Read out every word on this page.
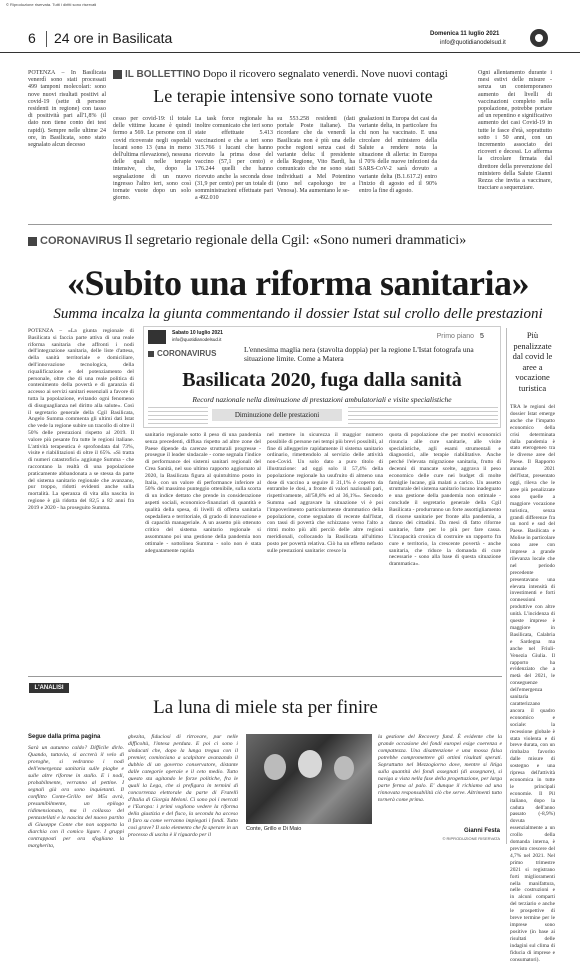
© Riproduzione riservata. Tutti i diritti sono riservati
6 24 ore in Basilicata	Domenica 11 luglio 2021
info@quotidianodelsud.it
POTENZA – In Basilicata venerdì sono stati processati 499 tamponi molecolari: sono nove nuovi risultati positivi al covid-19 (sette di persone residenti in regione) con tasso di positività pari all'1,8% (il dato non tiene conto dei test rapidi). Sempre nelle ultime 24 ore, in Basilicata, sono stato segnalato alcun decesso
IL BOLLETTINO Dopo il ricovero segnalato venerdì. Nove nuovi contagi
Le terapie intensive sono tornate vuote
cesso per covid-19: il totale delle vittime lucane è quindi fermo a 569. Le persone con il covid ricoverate negli ospedali lucani sono 13 (una in meno dell'ultima rilevazione), nessuna delle quali nelle terapie intensive, che, dopo la segnalazione di un nuovo ingresso l'altro ieri, sono così tornate vuote dopo un solo giorno.
La task force regionale ha inoltre comunicato che ieri sono state effettuate 5.413 vaccinazioni e che a ieri sono 315.766 i lucani che hanno ricevuto la prima dose del vaccino (57,1 per cento) e 176.244 quelli che hanno ricevuto anche la seconda dose (31,9 per cento) per un totale di somministrazioni effettuate pari a 492.010
su 553.258 residenti (dati portale Poste italiane). Da ricordare che da venerdì la Basilicata non è più una delle poche regioni senza casi di variante delta: il presidente della Regione, Vito Bardi, ha comunicato che ne sono stati individuati a Mel Potentino (uno nel capoluogo tre a Venosa). Ma aumentano le se-
gnalazioni in Europa dei casi da variante delta, in particolare fra chi non ha vaccinato. E una circolare del ministero della Salute a rendere nota la situazione di allerta: in Europa il 70% delle nuove infezioni da SARS-CoV-2 sarà dovuto a variante delta (B.1.617.2) entro l'inizio di agosto ed il 90% entro la fine di agosto.
Ogni allentamento durante i mesi estivi delle misure - senza un contemporaneo aumento dei livelli di vaccinazioni completo nella popolazione, potrebbe portare ad un repentino e significativo aumento dei casi Covid-19 in tutte le fasce d'età, soprattutto sotto i 50 anni, con un incremento associato dei ricoveri e decessi. Lo afferma la circolare firmata dal direttore della prevenzione del ministero della Salute Gianni Rezza che invita a vaccinare, tracciare a sequenziare.
CORONAVIRUS Il segretario regionale della Cgil: «Sono numeri drammatici»
«Subito una riforma sanitaria»
Summa incalza la giunta commentando il dossier Istat sul crollo delle prestazioni
POTENZA – «La giunta regionale di Basilicata si faccia parte attiva di una reale riforma sanitaria che affronti i nodi dell'integrazione sanitaria, delle liste d'attesa, della sanità territoriale e domiciliare, dell'innovazione tecnologica, della riqualificazione e del potenziamento del personale, oltre che di una reale politica di contenimento della povertà e di garanzia di accesso ai servizi sanitari essenziali a favore di tutta la popolazione, evitando ogni fenomeno di disuguaglianza nel diritto alla salute». Così il segretario generale della Cgil Basilicata, Angelo Summa commenta gli ultimi dati Istat che vede la regione subire un tracollo di oltre il 50% delle prestazioni rispetto al 2019. Il valore più pesante fra tutte le regioni italiane. L'attività terapeutica è sprofondata dal 73%, visite e riabilitazioni di oltre il 65%. «Si tratta di numeri catastrofici» aggiunge Summa - che raccontano la realtà di una popolazione praticamente abbandonata a se stessa da parte del sistema sanitario regionale che avanzano, pur troppo, ridotti evidenti anche sulla mortalità. La speranza di vita alla nascita in regione è già ridotta del 82,5 a 82 anni fra 2019 e 2020 - ha proseguito Summa.
Sabato 10 luglio 2021
info@quotidianodelsud.it	Primo piano 5
CORONAVIRUS	L'ennesima maglia nera (stavolta doppia) per la regione L'Istat fotografa una situazione limite. Come a Matera
Basilicata 2020, fuga dalla sanità
Record nazionale nella diminuzione di prestazioni ambulatoriali e visite specialistiche
Diminuzione delle prestazioni
sanitario regionale sotto il peso di una pandemia senza precedenti, diffusa rispetto ad altre zone del Paese dipende da carenze strutturali progresse - prosegue il leader sindacale - come segnala l'indice di performance dei sistemi sanitari regionali del Crea Sanità, nel suo ultimo rapporto aggiornato al 2020, la Basilicata figura al quintultimo posto in Italia, con un valore di performance inferiore al 50% del massimo punteggio ottenibile, sulla scorta di un indice dettato che prende in considerazione aspetti sociali, economico-finanziari di quantità e qualità della spesa, di livelli di offerta sanitaria ospedaliera e territoriale, di grado di innovazione e di capacità manageriale. A un assetto più ottenuto critico del sistema sanitario regionale si assommano poi una gestione della pandemia non ottimale - sottolinea Summa - solo non è stata adeguatamente rapida
nel mettere in sicurezza il maggior numero possibile di persone nei tempi più brevi possibili, al fine di alleggerire rapidamente il sistema sanitario ordinario, rimettendolo al servizio delle attività non-Covid. Un solo dato a puro titolo di illustrazione: ad oggi solo il 57,4% della popolazione regionale ha usufruito di almeno una dose di vaccino a seguire il 31,1% è coperto da entrambe le dosi, a fronte di valori nazionali pari, rispettivamente, all'58,8% ed al 36,1%». Secondo Summa «ad aggravare la situazione vi è poi l'impoverimento particolarmente drammatico della popolazione, come segnalato di recente dall'Istat, con tassi di povertà che schizzano verso l'alto a ritmi molto più alti perciò delle altre regioni meridionali, collocando la Basilicata all'ultimo posto per povertà relativa. Ciò ha un effetto nefasto sulle prestazioni sanitarie: cresce la
quota di popolazione che per motivi economici rinuncia alle cure sanitarie, alle visite specialistiche, agli esami strumentali e diagnostici, alle terapie riabilitative. Anche perché l'elevata migrazione sanitaria, frutto di decenni di mancate scelte, aggrava il peso economico delle cure nei budget di molte famiglie lucane, già malati a carico. Un assetto strutturale del sistema sanitario lucano inadeguato e una gestione della pandemia non ottimale - conclude il segretario generale della Cgil Basilicata - produrranno un forte assottigliamento di risorse sanitarie per fronte alla pandemia, a danno dei cittadini. Da mesi di fatto riforme sanitarie, fatte per lo più per fare cassa. L'incapacità cronica di costruire un rapporto fra cure e territorio, la crescente povertà - anche sanitaria, che riduce la domanda di cure necessarie - sono alla base di questa situazione drammatica».
Più penalizzate dal covid le aree a vocazione turistica
TRA le regioni del dossier Istat emerge anche che l'impatto economico della crisi determinata dalla pandemia è stato eterogeneo tra le diverse aree del Paese. Il Rapporto annuale 2021 dell'Istat, presentato oggi, rileva che le aree più penalizzate sono quelle a maggiore vocazione turistica, senza grandi differenze fra un nord e sud del Paese. Basilicata e Molise in particolare sono aree con imprese a grande rilevanza locale che nel periodo precedente presentavano una elevata intensità di investimenti e forti connessioni produttive con altre unità. L'incidenza di queste imprese è maggiore in Basilicata, Calabria e Sardegna ma anche nel Friuli-Venezia Giulia. Il rapporto ha evidenziato che a metà del 2021, le conseguenze dell'emergenza sanitaria caratterizzano ancora il quadro economico e sociale: la recessione globale è stata violenta e di breve durata, con un rimbalzo favorito dalle misure di sostegno e una ripresa dell'attività economica in tutte le principali economie. Il Pil italiano, dopo la caduta dell'anno passato (-8,9%) dovuta essenzialmente a un crollo della domanda interna, è previsto crescere del 4,7% nel 2021. Nel primo trimestre 2021 si registrano forti miglioramenti nella manifattura, nelle costruzioni e in alcuni comparti del terziario e anche le prospettive di breve termine per le imprese sono positive (in base ai risultati delle indagini sul clima di fiducia di imprese e consumatori).
L'ANALISI
La luna di miele sta per finire
Segue dalla prima pagina
Sarà un autunno caldo? Difficile dirlo. Quando, tuttavia, si accrerà il velo di proroghe, si vedranno i nodi dell'emergenza sanitaria sulle piaghe e sulle altre riforme in stallo. E i nodi, probabilmente, verranno al pettine. I segnali già ora sono inquietanti. Il conflitto Conte-Grillo nel M5s avrà, presumibilmente, un epilogo ridimensionato, ma il collasso del pentastellati e la nascita del nuovo partito di Giuseppe Conte che non sopporta la diarchia con il comico ligure. I gruppi contrapposti per ora sfogliano la margherita,
ghezita, fiduciosi di ritrovare, pur nelle difficoltà, l'intesa perduta. E poi ci sono i sindacati che, dopo la lunga tregua con il premier, cominciano a scalpitare avanzando il dubbio di un governo conservatore, distante dalle categorie operaie e il ceto medio. Tutto questo sta agitando le forze politiche, fra le quali la Lega, che si prefigura in termini di concorrenza elettorale da parte di Fratelli d'Italia di Giorgia Meloni. Ci sono poi i mercati e l'Europa: i primi vogliono vedere la riforma della giustizia e del fisco, la seconda ha acceso il faro su come verranno impiegati i fondi. Tutto così grave? Il solo elemento che fa sperare in un processo di uscita è il riguardo per il
Conte, Grillo e Di Maio
la gestione del Recovery fund. È evidente che la grande occasione dei fondi europei esige coerenza e compattezza. Una disattenzione e una mossa falsa potrebbe compromettere gli ottimi risultati sperati. Soprattutto nel Mezzogiorno dove, mentre si litiga sulla quantità dei fondi assegnati (di assegnare), si naviga a vista nella fase della progettazione, per larga parte ferma al palo. E' dunque il richiamo ad una rinnovata responsabilità ciò che serve. Altrimenti tutto tornerà come prima.
Gianni Festa
© RIPRODUZIONE RISERVATA
